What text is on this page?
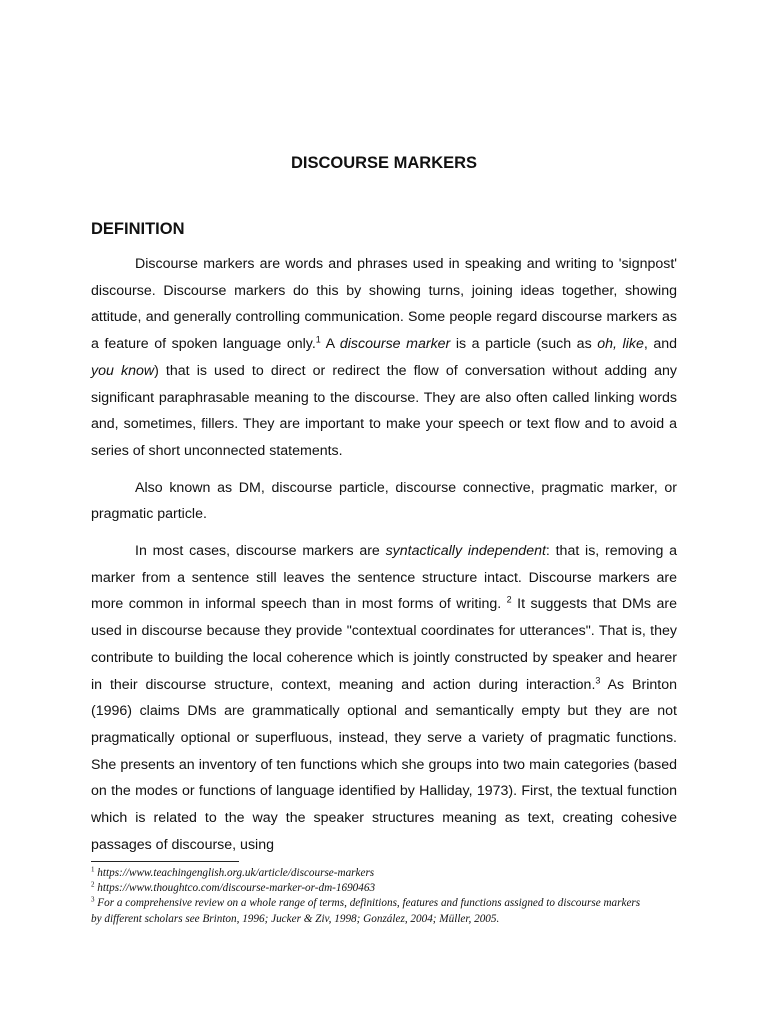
DISCOURSE MARKERS
DEFINITION

Discourse markers are words and phrases used in speaking and writing to 'signpost' discourse. Discourse markers do this by showing turns, joining ideas together, showing attitude, and generally controlling communication. Some people regard discourse markers as a feature of spoken language only.$^1$ A discourse marker is a particle (such as oh, like, and you know) that is used to direct or redirect the flow of conversation without adding any significant paraphrasable meaning to the discourse. They are also often called linking words and, sometimes, fillers. They are important to make your speech or text flow and to avoid a series of short unconnected statements.

Also known as DM, discourse particle, discourse connective, pragmatic marker, or pragmatic particle.

In most cases, discourse markers are syntactically independent: that is, removing a marker from a sentence still leaves the sentence structure intact. Discourse markers are more common in informal speech than in most forms of writing. $^2$ It suggests that DMs are used in discourse because they provide "contextual coordinates for utterances". That is, they contribute to building the local coherence which is jointly constructed by speaker and hearer in their discourse structure, context, meaning and action during interaction.$^3$ As Brinton (1996) claims DMs are grammatically optional and semantically empty but they are not pragmatically optional or superfluous, instead, they serve a variety of pragmatic functions. She presents an inventory of ten functions which she groups into two main categories (based on the modes or functions of language identified by Halliday, 1973). First, the textual function which is related to the way the speaker structures meaning as text, creating cohesive passages of discourse, using

$^1$ https://www.teachingenglish.org.uk/article/discourse-markers

$^2$ https://www.thoughtco.com/discourse-marker-or-dm-1690463

$^3$ For a comprehensive review on a whole range of terms, definitions, features and functions assigned to discourse markers by different scholars see Brinton, 1996; Jucker & Ziv, 1998; González, 2004; Müller, 2005.
